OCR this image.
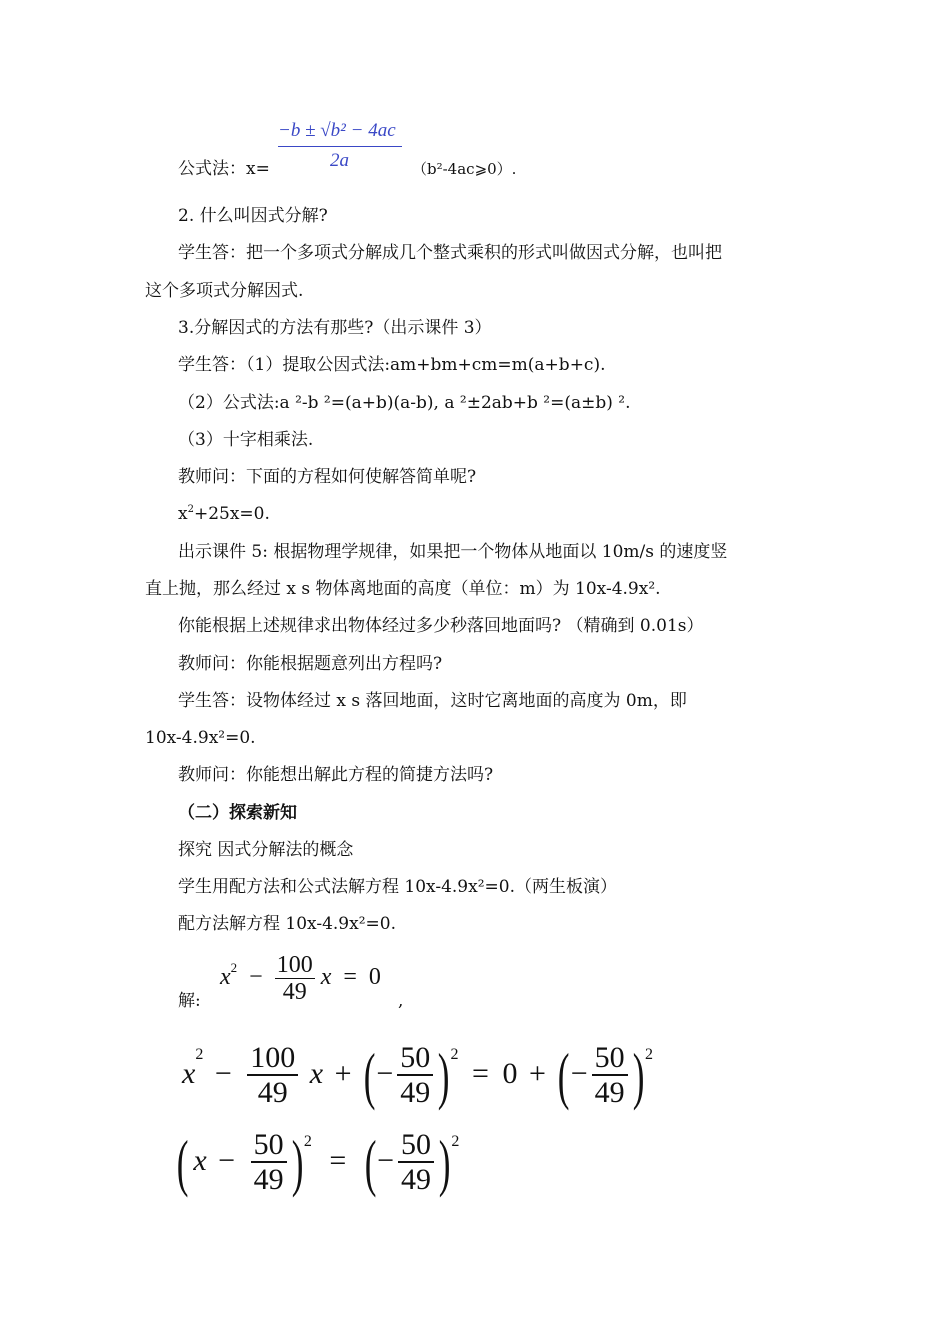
公式法：x=
−b ± √b² − 4ac
2a	（b²-4ac⩾0）.
2. 什么叫因式分解?
学生答：把一个多项式分解成几个整式乘积的形式叫做因式分解，也叫把
这个多项式分解因式.
3.分解因式的方法有那些?（出示课件 3）
学生答：（1）提取公因式法:am+bm+cm=m(a+b+c).
（2）公式法:a ²-b ²=(a+b)(a-b), a ²±2ab+b ²=(a±b) ².
（3）十字相乘法.
教师问：下面的方程如何使解答简单呢?
$x^2+25x=0$.
出示课件 5: 根据物理学规律，如果把一个物体从地面以 10m/s 的速度竖
直上抛，那么经过 x s 物体离地面的高度（单位：m）为 10x-4.9x².
你能根据上述规律求出物体经过多少秒落回地面吗? （精确到 0.01s）
教师问：你能根据题意列出方程吗?
学生答：设物体经过 x s 落回地面，这时它离地面的高度为 0m，即
10x-4.9x²=0.
教师问：你能想出解此方程的简捷方法吗?
（二）探索新知
探究 因式分解法的概念
学生用配方法和公式法解方程 10x-4.9x²=0.（两生板演）
配方法解方程 10x-4.9x²=0.
解:
$x^2 - \frac{100}{49}$ x = 0
,
$x^2 - \frac{100}{49}$ x + (− $\frac{50}{49} )^2 = 0$ + (− $\frac{50}{49} )^2$
( $x - \frac{50}{49} )^2$ = (− $\frac{50}{49} )^2$
